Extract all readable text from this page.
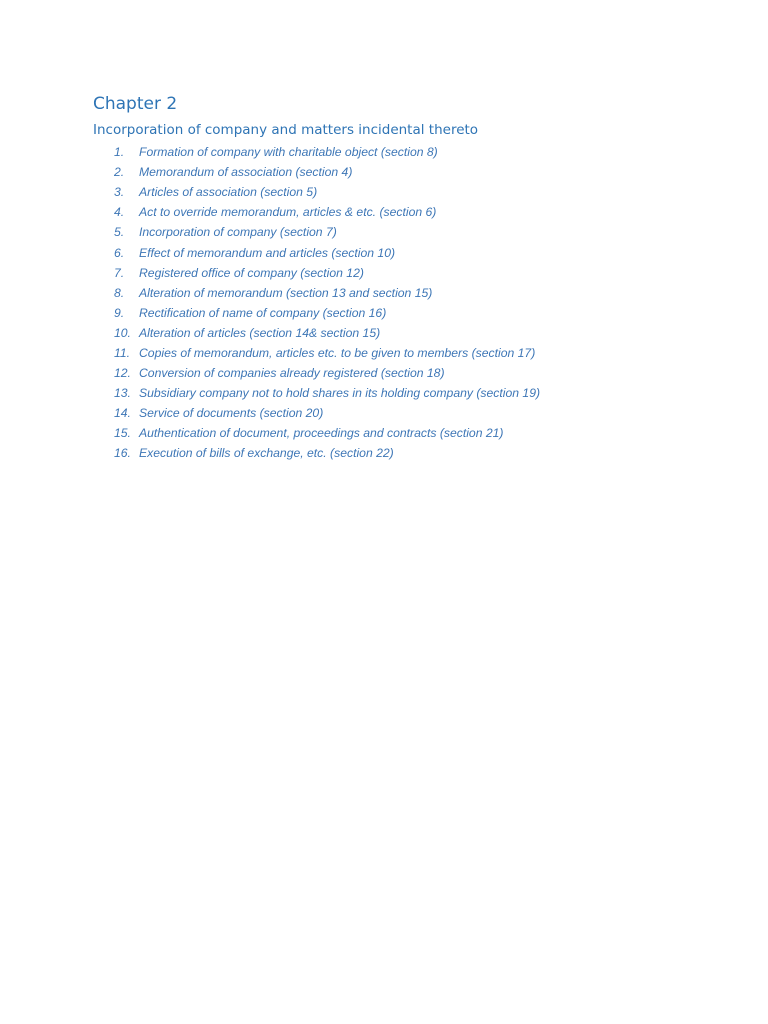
Chapter 2
Incorporation of company and matters incidental thereto
1.	Formation of company with charitable object (section 8)
2.	Memorandum of association (section 4)
3.	Articles of association (section 5)
4.	Act to override memorandum, articles & etc. (section 6)
5.	Incorporation of company (section 7)
6.	Effect of memorandum and articles (section 10)
7.	Registered office of company (section 12)
8.	Alteration of memorandum (section 13 and section 15)
9.	Rectification of name of company (section 16)
10. Alteration of articles (section 14& section 15)
11. Copies of memorandum, articles etc. to be given to members (section 17)
12. Conversion of companies already registered (section 18)
13. Subsidiary company not to hold shares in its holding company (section 19)
14. Service of documents (section 20)
15. Authentication of document, proceedings and contracts (section 21)
16. Execution of bills of exchange, etc. (section 22)
